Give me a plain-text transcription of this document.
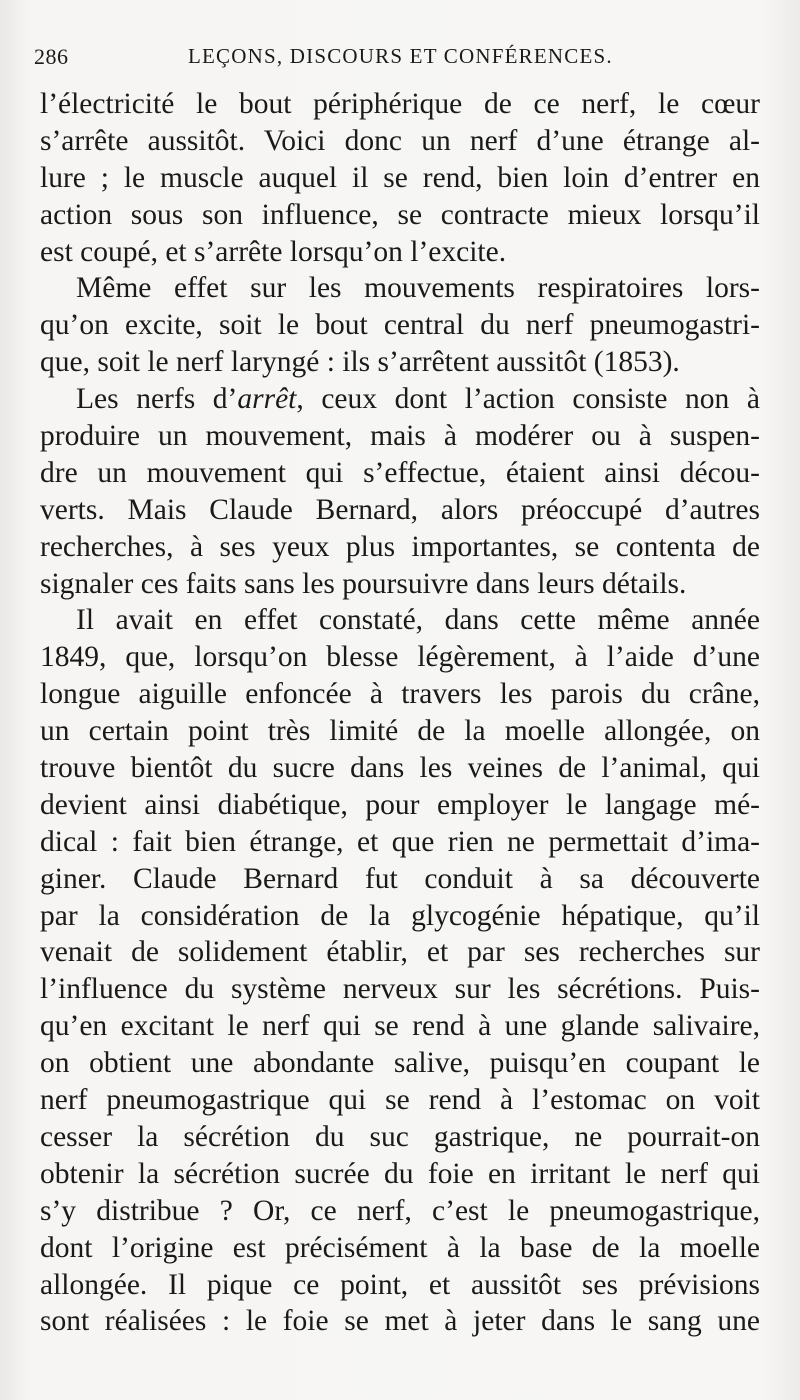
286	LEÇONS, DISCOURS ET CONFÉRENCES.
l’électricité le bout périphérique de ce nerf, le cœur
s’arrête aussitôt. Voici donc un nerf d’une étrange al-
lure ; le muscle auquel il se rend, bien loin d’entrer en
action sous son influence, se contracte mieux lorsqu’il
est coupé, et s’arrête lorsqu’on l’excite.
Même effet sur les mouvements respiratoires lors-
qu’on excite, soit le bout central du nerf pneumogastri-
que, soit le nerf laryngé : ils s’arrêtent aussitôt (1853).
Les nerfs d’arrêt, ceux dont l’action consiste non à
produire un mouvement, mais à modérer ou à suspen-
dre un mouvement qui s’effectue, étaient ainsi décou-
verts. Mais Claude Bernard, alors préoccupé d’autres
recherches, à ses yeux plus importantes, se contenta de
signaler ces faits sans les poursuivre dans leurs détails.
Il avait en effet constaté, dans cette même année
1849, que, lorsqu’on blesse légèrement, à l’aide d’une
longue aiguille enfoncée à travers les parois du crâne,
un certain point très limité de la moelle allongée, on
trouve bientôt du sucre dans les veines de l’animal, qui
devient ainsi diabétique, pour employer le langage mé-
dical : fait bien étrange, et que rien ne permettait d’ima-
giner. Claude Bernard fut conduit à sa découverte
par la considération de la glycogénie hépatique, qu’il
venait de solidement établir, et par ses recherches sur
l’influence du système nerveux sur les sécrétions. Puis-
qu’en excitant le nerf qui se rend à une glande salivaire,
on obtient une abondante salive, puisqu’en coupant le
nerf pneumogastrique qui se rend à l’estomac on voit
cesser la sécrétion du suc gastrique, ne pourrait-on
obtenir la sécrétion sucrée du foie en irritant le nerf qui
s’y distribue ? Or, ce nerf, c’est le pneumogastrique,
dont l’origine est précisément à la base de la moelle
allongée. Il pique ce point, et aussitôt ses prévisions
sont réalisées : le foie se met à jeter dans le sang une
